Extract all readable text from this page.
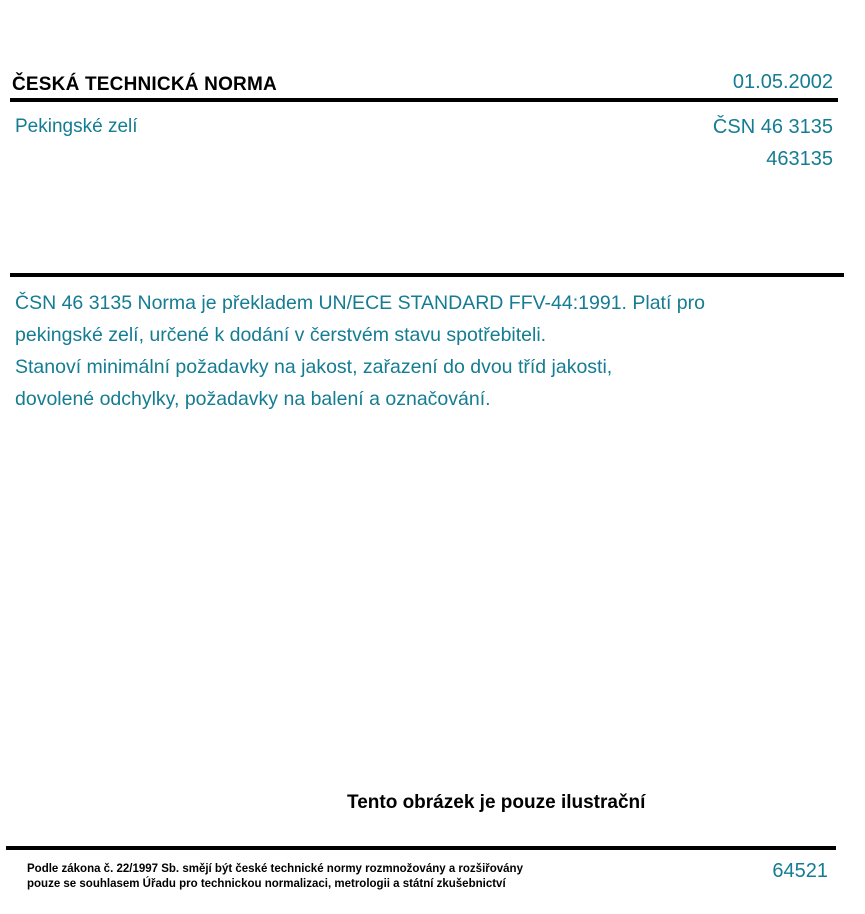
ČESKÁ TECHNICKÁ NORMA	01.05.2002
Pekingské zelí	ČSN 46 3135
463135

ČSN 46 3135 Norma je překladem UN/ECE STANDARD FFV-44:1991. Platí pro

pekingské zelí, určené k dodání v čerstvém stavu spotřebiteli.

Stanoví minimální požadavky na jakost, zařazení do dvou tříd jakosti,

dovolené odchylky, požadavky na balení a označování.

Tento obrázek je pouze ilustrační
Podle zákona č. 22/1997 Sb. smějí být české technické normy rozmnožovány a rozšiřovány
pouze se souhlasem Úřadu pro technickou normalizaci, metrologii a státní zkušebnictví
64521
